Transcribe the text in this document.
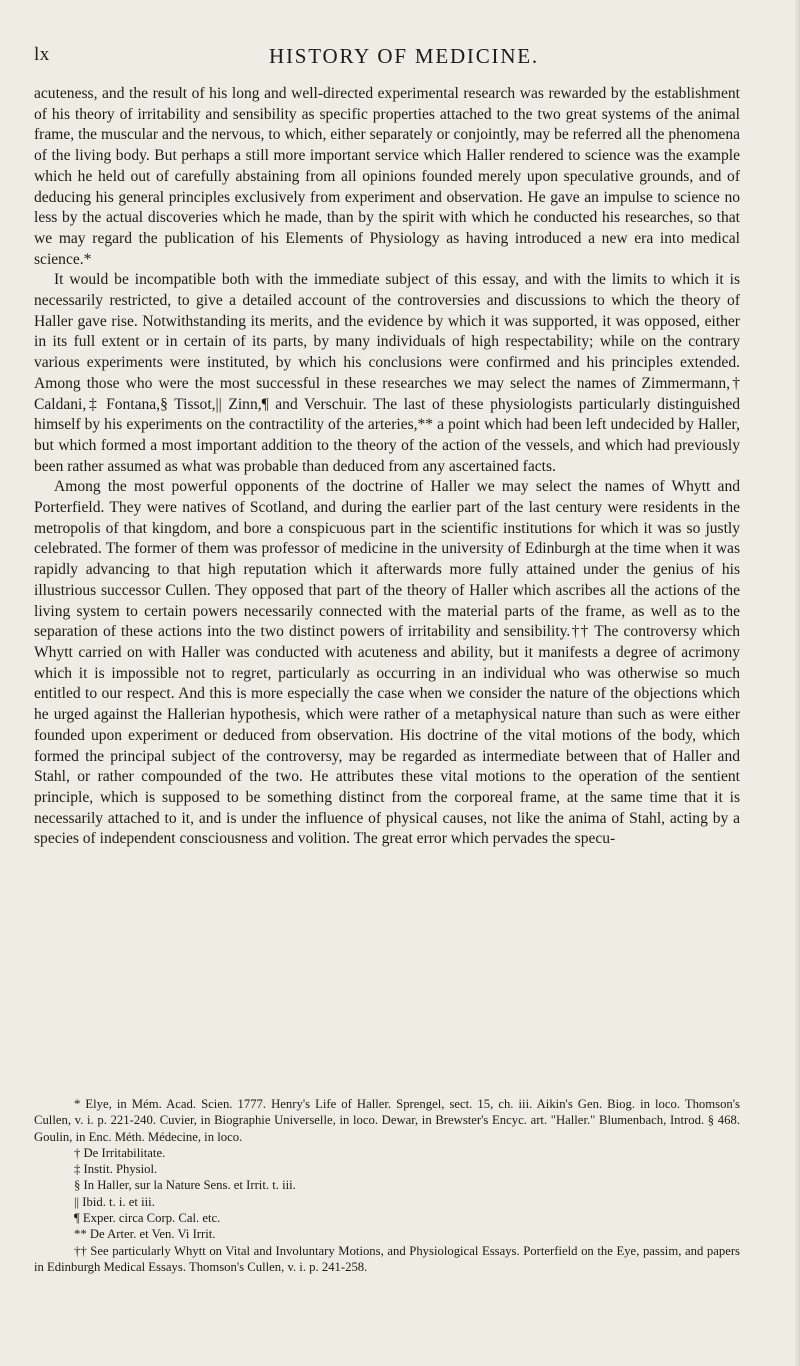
lx	HISTORY OF MEDICINE.

acuteness, and the result of his long and well-directed experimental research was rewarded by the establishment of his theory of irritability and sensibility as specific properties attached to the two great systems of the animal frame, the muscular and the nervous, to which, either separately or conjointly, may be referred all the phenomena of the living body. But perhaps a still more important service which Haller rendered to science was the example which he held out of carefully abstaining from all opinions founded merely upon speculative grounds, and of deducing his general principles exclusively from experiment and observation. He gave an impulse to science no less by the actual discoveries which he made, than by the spirit with which he conducted his researches, so that we may regard the publication of his Elements of Physiology as having introduced a new era into medical science.*

It would be incompatible both with the immediate subject of this essay, and with the limits to which it is necessarily restricted, to give a detailed account of the controversies and discussions to which the theory of Haller gave rise. Notwithstanding its merits, and the evidence by which it was supported, it was opposed, either in its full extent or in certain of its parts, by many individuals of high respectability; while on the contrary various experiments were instituted, by which his conclusions were confirmed and his principles extended. Among those who were the most successful in these researches we may select the names of Zimmermann,† Caldani,‡ Fontana,§ Tissot,|| Zinn,¶ and Verschuir. The last of these physiologists particularly distinguished himself by his experiments on the contractility of the arteries,** a point which had been left undecided by Haller, but which formed a most important addition to the theory of the action of the vessels, and which had previously been rather assumed as what was probable than deduced from any ascertained facts.

Among the most powerful opponents of the doctrine of Haller we may select the names of Whytt and Porterfield. They were natives of Scotland, and during the earlier part of the last century were residents in the metropolis of that kingdom, and bore a conspicuous part in the scientific institutions for which it was so justly celebrated. The former of them was professor of medicine in the university of Edinburgh at the time when it was rapidly advancing to that high reputation which it afterwards more fully attained under the genius of his illustrious successor Cullen. They opposed that part of the theory of Haller which ascribes all the actions of the living system to certain powers necessarily connected with the material parts of the frame, as well as to the separation of these actions into the two distinct powers of irritability and sensibility.†† The controversy which Whytt carried on with Haller was conducted with acuteness and ability, but it manifests a degree of acrimony which it is impossible not to regret, particularly as occurring in an individual who was otherwise so much entitled to our respect. And this is more especially the case when we consider the nature of the objections which he urged against the Hallerian hypothesis, which were rather of a metaphysical nature than such as were either founded upon experiment or deduced from observation. His doctrine of the vital motions of the body, which formed the principal subject of the controversy, may be regarded as intermediate between that of Haller and Stahl, or rather compounded of the two. He attributes these vital motions to the operation of the sentient principle, which is supposed to be something distinct from the corporeal frame, at the same time that it is necessarily attached to it, and is under the influence of physical causes, not like the anima of Stahl, acting by a species of independent consciousness and volition. The great error which pervades the specu-

* Elye, in Mém. Acad. Scien. 1777. Henry's Life of Haller. Sprengel, sect. 15, ch. iii. Aikin's Gen. Biog. in loco. Thomson's Cullen, v. i. p. 221-240. Cuvier, in Biographie Universelle, in loco. Dewar, in Brewster's Encyc. art. "Haller." Blumenbach, Introd. § 468. Goulin, in Enc. Méth. Médecine, in loco.

† De Irritabilitate.

‡ Instit. Physiol.

§ In Haller, sur la Nature Sens. et Irrit. t. iii.

|| Ibid. t. i. et iii.

¶ Exper. circa Corp. Cal. etc.

** De Arter. et Ven. Vi Irrit.

†† See particularly Whytt on Vital and Involuntary Motions, and Physiological Essays. Porterfield on the Eye, passim, and papers in Edinburgh Medical Essays. Thomson's Cullen, v. i. p. 241-258.
